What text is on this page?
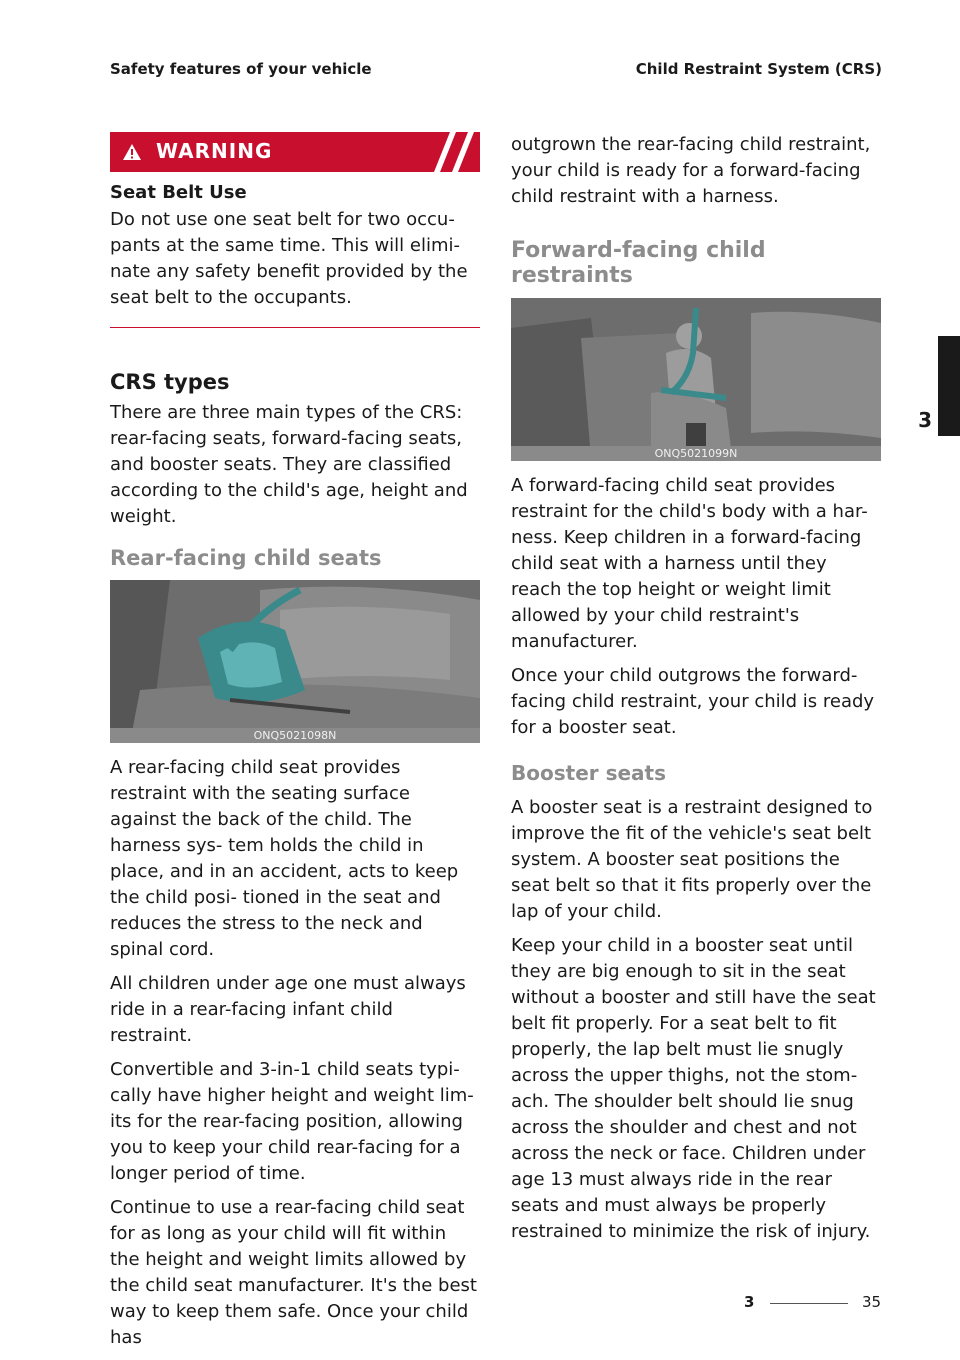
Safety features of your vehicle	Child Restraint System (CRS)
WARNING
Seat Belt Use

Do not use one seat belt for two occu- pants at the same time. This will elimi- nate any safety benefit provided by the seat belt to the occupants.

CRS types

There are three main types of the CRS: rear-facing seats, forward-facing seats, and booster seats. They are classified according to the child's age, height and weight.

Rear-facing child seats
ONQ5021098N

A rear-facing child seat provides restraint with the seating surface against the back of the child. The harness sys- tem holds the child in place, and in an accident, acts to keep the child posi- tioned in the seat and reduces the stress to the neck and spinal cord.

All children under age one must always ride in a rear-facing infant child restraint.

Convertible and 3-in-1 child seats typi- cally have higher height and weight lim- its for the rear-facing position, allowing you to keep your child rear-facing for a longer period of time.

Continue to use a rear-facing child seat for as long as your child will fit within the height and weight limits allowed by the child seat manufacturer. It's the best way to keep them safe. Once your child has

outgrown the rear-facing child restraint, your child is ready for a forward-facing child restraint with a harness.

Forward-facing child restraints
ONQ5021099N

A forward-facing child seat provides restraint for the child's body with a har- ness. Keep children in a forward-facing child seat with a harness until they reach the top height or weight limit allowed by your child restraint's manufacturer.

Once your child outgrows the forward- facing child restraint, your child is ready for a booster seat.

Booster seats

A booster seat is a restraint designed to improve the fit of the vehicle's seat belt system. A booster seat positions the seat belt so that it fits properly over the lap of your child.

Keep your child in a booster seat until they are big enough to sit in the seat without a booster and still have the seat belt fit properly. For a seat belt to fit properly, the lap belt must lie snugly across the upper thighs, not the stom- ach. The shoulder belt should lie snug across the shoulder and chest and not across the neck or face. Children under age 13 must always ride in the rear seats and must always be properly restrained to minimize the risk of injury.

3
3	35
